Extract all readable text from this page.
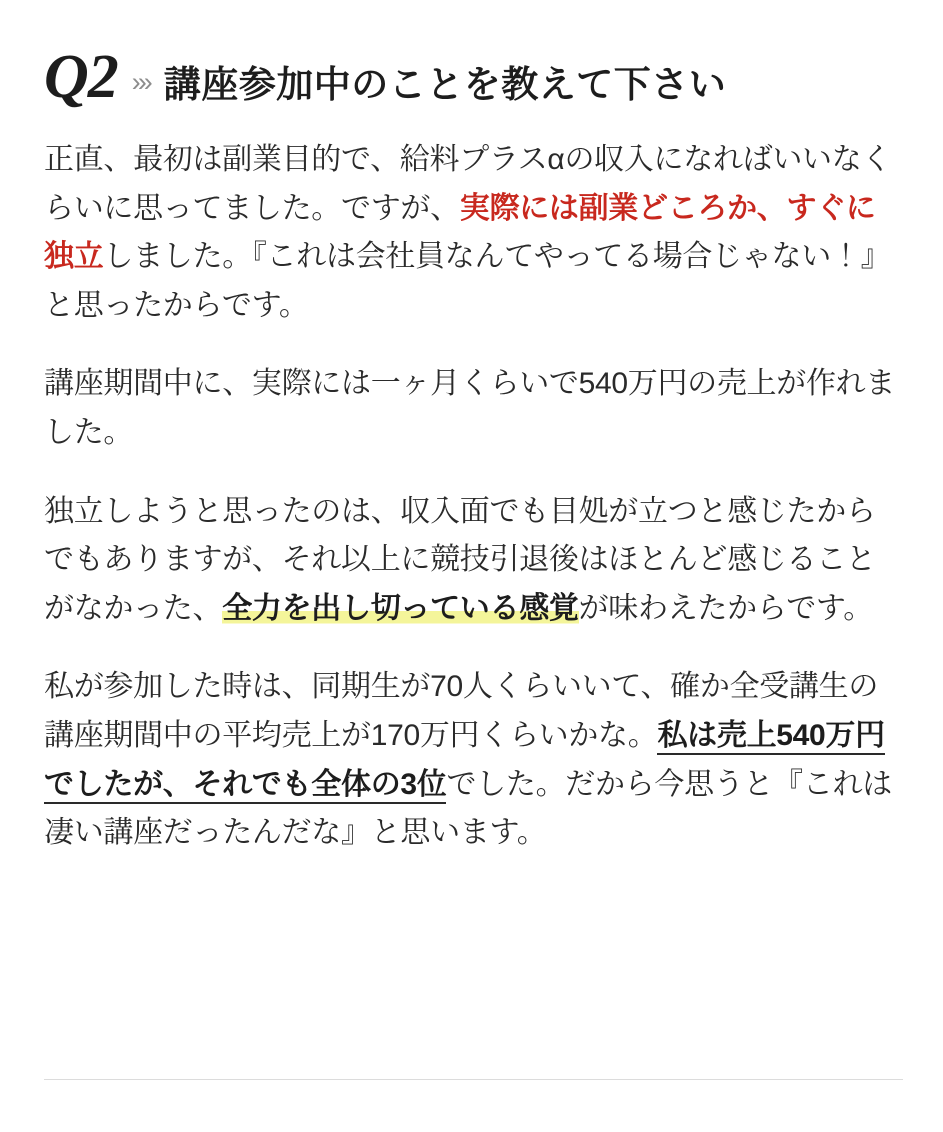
Q2 »› 講座参加中のことを教えて下さい

正直、最初は副業目的で、給料プラスαの収入になればいいなくらいに思ってました。ですが、実際には副業どころか、すぐに独立しました。『これは会社員なんてやってる場合じゃない！』と思ったからです。

講座期間中に、実際には一ヶ月くらいで540万円の売上が作れました。

独立しようと思ったのは、収入面でも目処が立つと感じたからでもありますが、それ以上に競技引退後はほとんど感じることがなかった、全力を出し切っている感覚が味わえたからです。

私が参加した時は、同期生が70人くらいいて、確か全受講生の講座期間中の平均売上が170万円くらいかな。私は売上540万円でしたが、それでも全体の3位でした。だから今思うと『これは凄い講座だったんだな』と思います。
